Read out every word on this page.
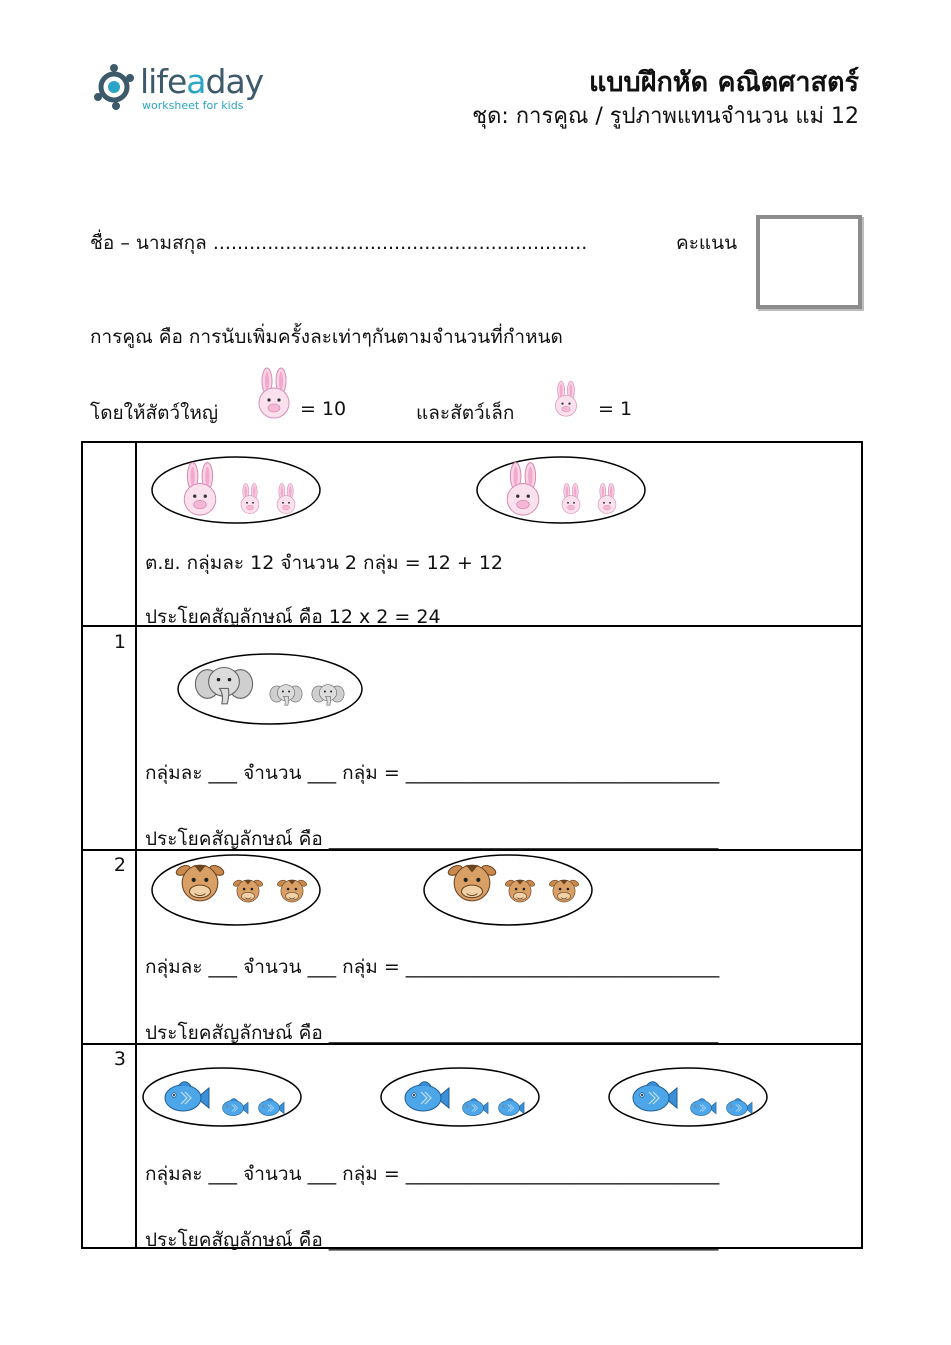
lifeaday
worksheet for kids
แบบฝึกหัด คณิตศาสตร์
ชุด: การคูณ / รูปภาพแทนจำนวน แม่ 12
ชื่อ – นามสกุล ..............................................................	คะแนน
การคูณ คือ การนับเพิ่มครั้งละเท่าๆกันตามจำนวนที่กำหนด
โดยให้สัตว์ใหญ่	= 10	และสัตว์เล็ก	= 1
ต.ย. กลุ่มละ 12 จำนวน 2 กลุ่ม = 12 + 12
ประโยคสัญลักษณ์ คือ 12 x 2 = 24
1
กลุ่มละ ___ จำนวน ___ กลุ่ม = _________________________________
ประโยคสัญลักษณ์ คือ _________________________________________
2
กลุ่มละ ___ จำนวน ___ กลุ่ม = _________________________________
ประโยคสัญลักษณ์ คือ _________________________________________
3
กลุ่มละ ___ จำนวน ___ กลุ่ม = _________________________________
ประโยคสัญลักษณ์ คือ _________________________________________
